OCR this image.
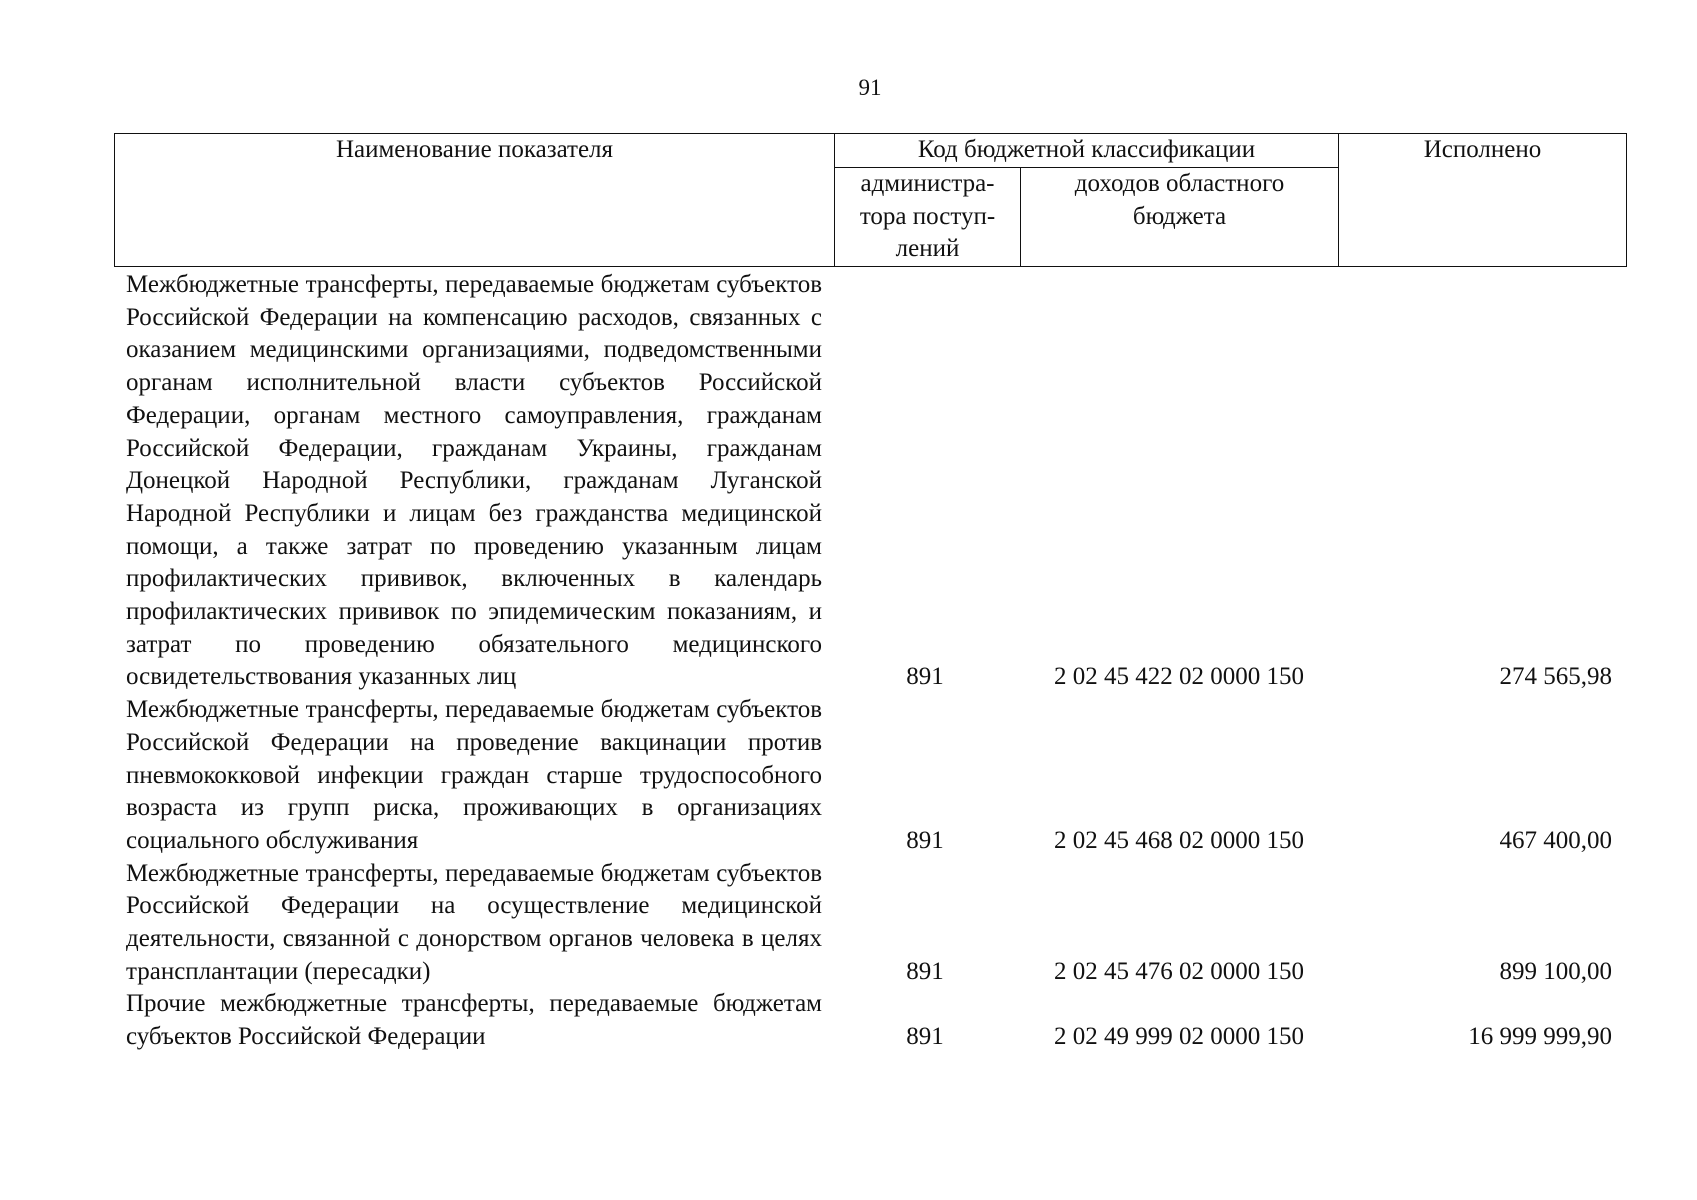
91
Наименование показателя	Код бюджетной классификации		Исполнено
	администра-тора поступ-лений	доходов областного бюджета	
Межбюджетные трансферты, передаваемые бюджетам субъектов Российской Федерации на компенсацию расходов, связанных с оказанием медицинскими организациями, подведомственными органам исполнительной власти субъектов Российской Федерации, органам местного самоуправления, гражданам Российской Федерации, гражданам Украины, гражданам Донецкой Народной Республики, гражданам Луганской Народной Республики и лицам без гражданства медицинской помощи, а также затрат по проведению указанным лицам профилактических прививок, включенных в календарь профилактических прививок по эпидемическим показаниям, и затрат по проведению обязательного медицинского освидетельствования указанных лиц	891	2 02 45 422 02 0000 150	274 565,98
Межбюджетные трансферты, передаваемые бюджетам субъектов Российской Федерации на проведение вакцинации против пневмококковой инфекции граждан старше трудоспособного возраста из групп риска, проживающих в организациях социального обслуживания	891	2 02 45 468 02 0000 150	467 400,00
Межбюджетные трансферты, передаваемые бюджетам субъектов Российской Федерации на осуществление медицинской деятельности, связанной с донорством органов человека в целях трансплантации (пересадки)	891	2 02 45 476 02 0000 150	899 100,00
Прочие межбюджетные трансферты, передаваемые бюджетам субъектов Российской Федерации	891	2 02 49 999 02 0000 150	16 999 999,90
